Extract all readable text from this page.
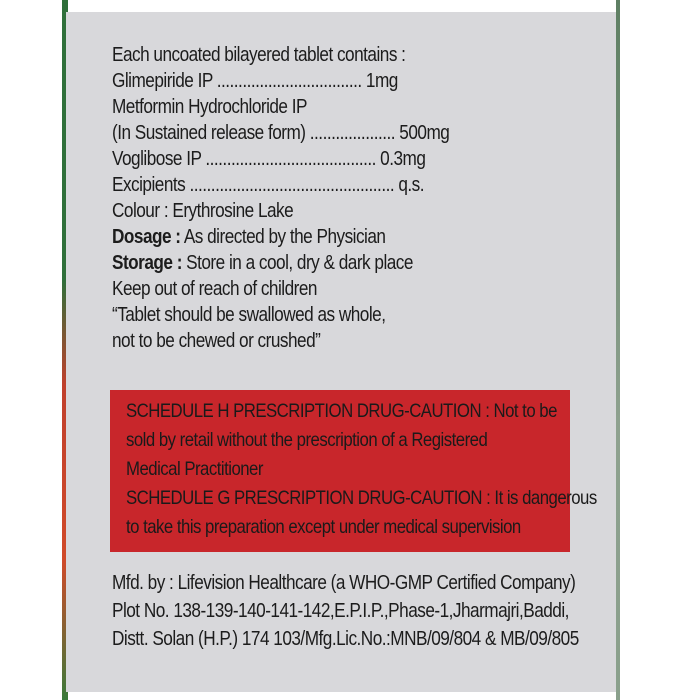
Each uncoated bilayered tablet contains :
Glimepiride IP .................................. 1mg
Metformin Hydrochloride IP
(In Sustained release form) .................... 500mg
Voglibose IP ........................................ 0.3mg
Excipients ................................................ q.s.
Colour : Erythrosine Lake
Dosage : As directed by the Physician
Storage : Store in a cool, dry & dark place
Keep out of reach of children
“Tablet should be swallowed as whole,
not to be chewed or crushed”
SCHEDULE H PRESCRIPTION DRUG-CAUTION : Not to be
sold by retail without the prescription of a Registered
Medical Practitioner
SCHEDULE G PRESCRIPTION DRUG-CAUTION : It is dangerous
to take this preparation except under medical supervision
Mfd. by : Lifevision Healthcare (a WHO-GMP Certified Company)
Plot No. 138-139-140-141-142,E.P.I.P.,Phase-1,Jharmajri,Baddi,
Distt. Solan (H.P.) 174 103/Mfg.Lic.No.:MNB/09/804 & MB/09/805
